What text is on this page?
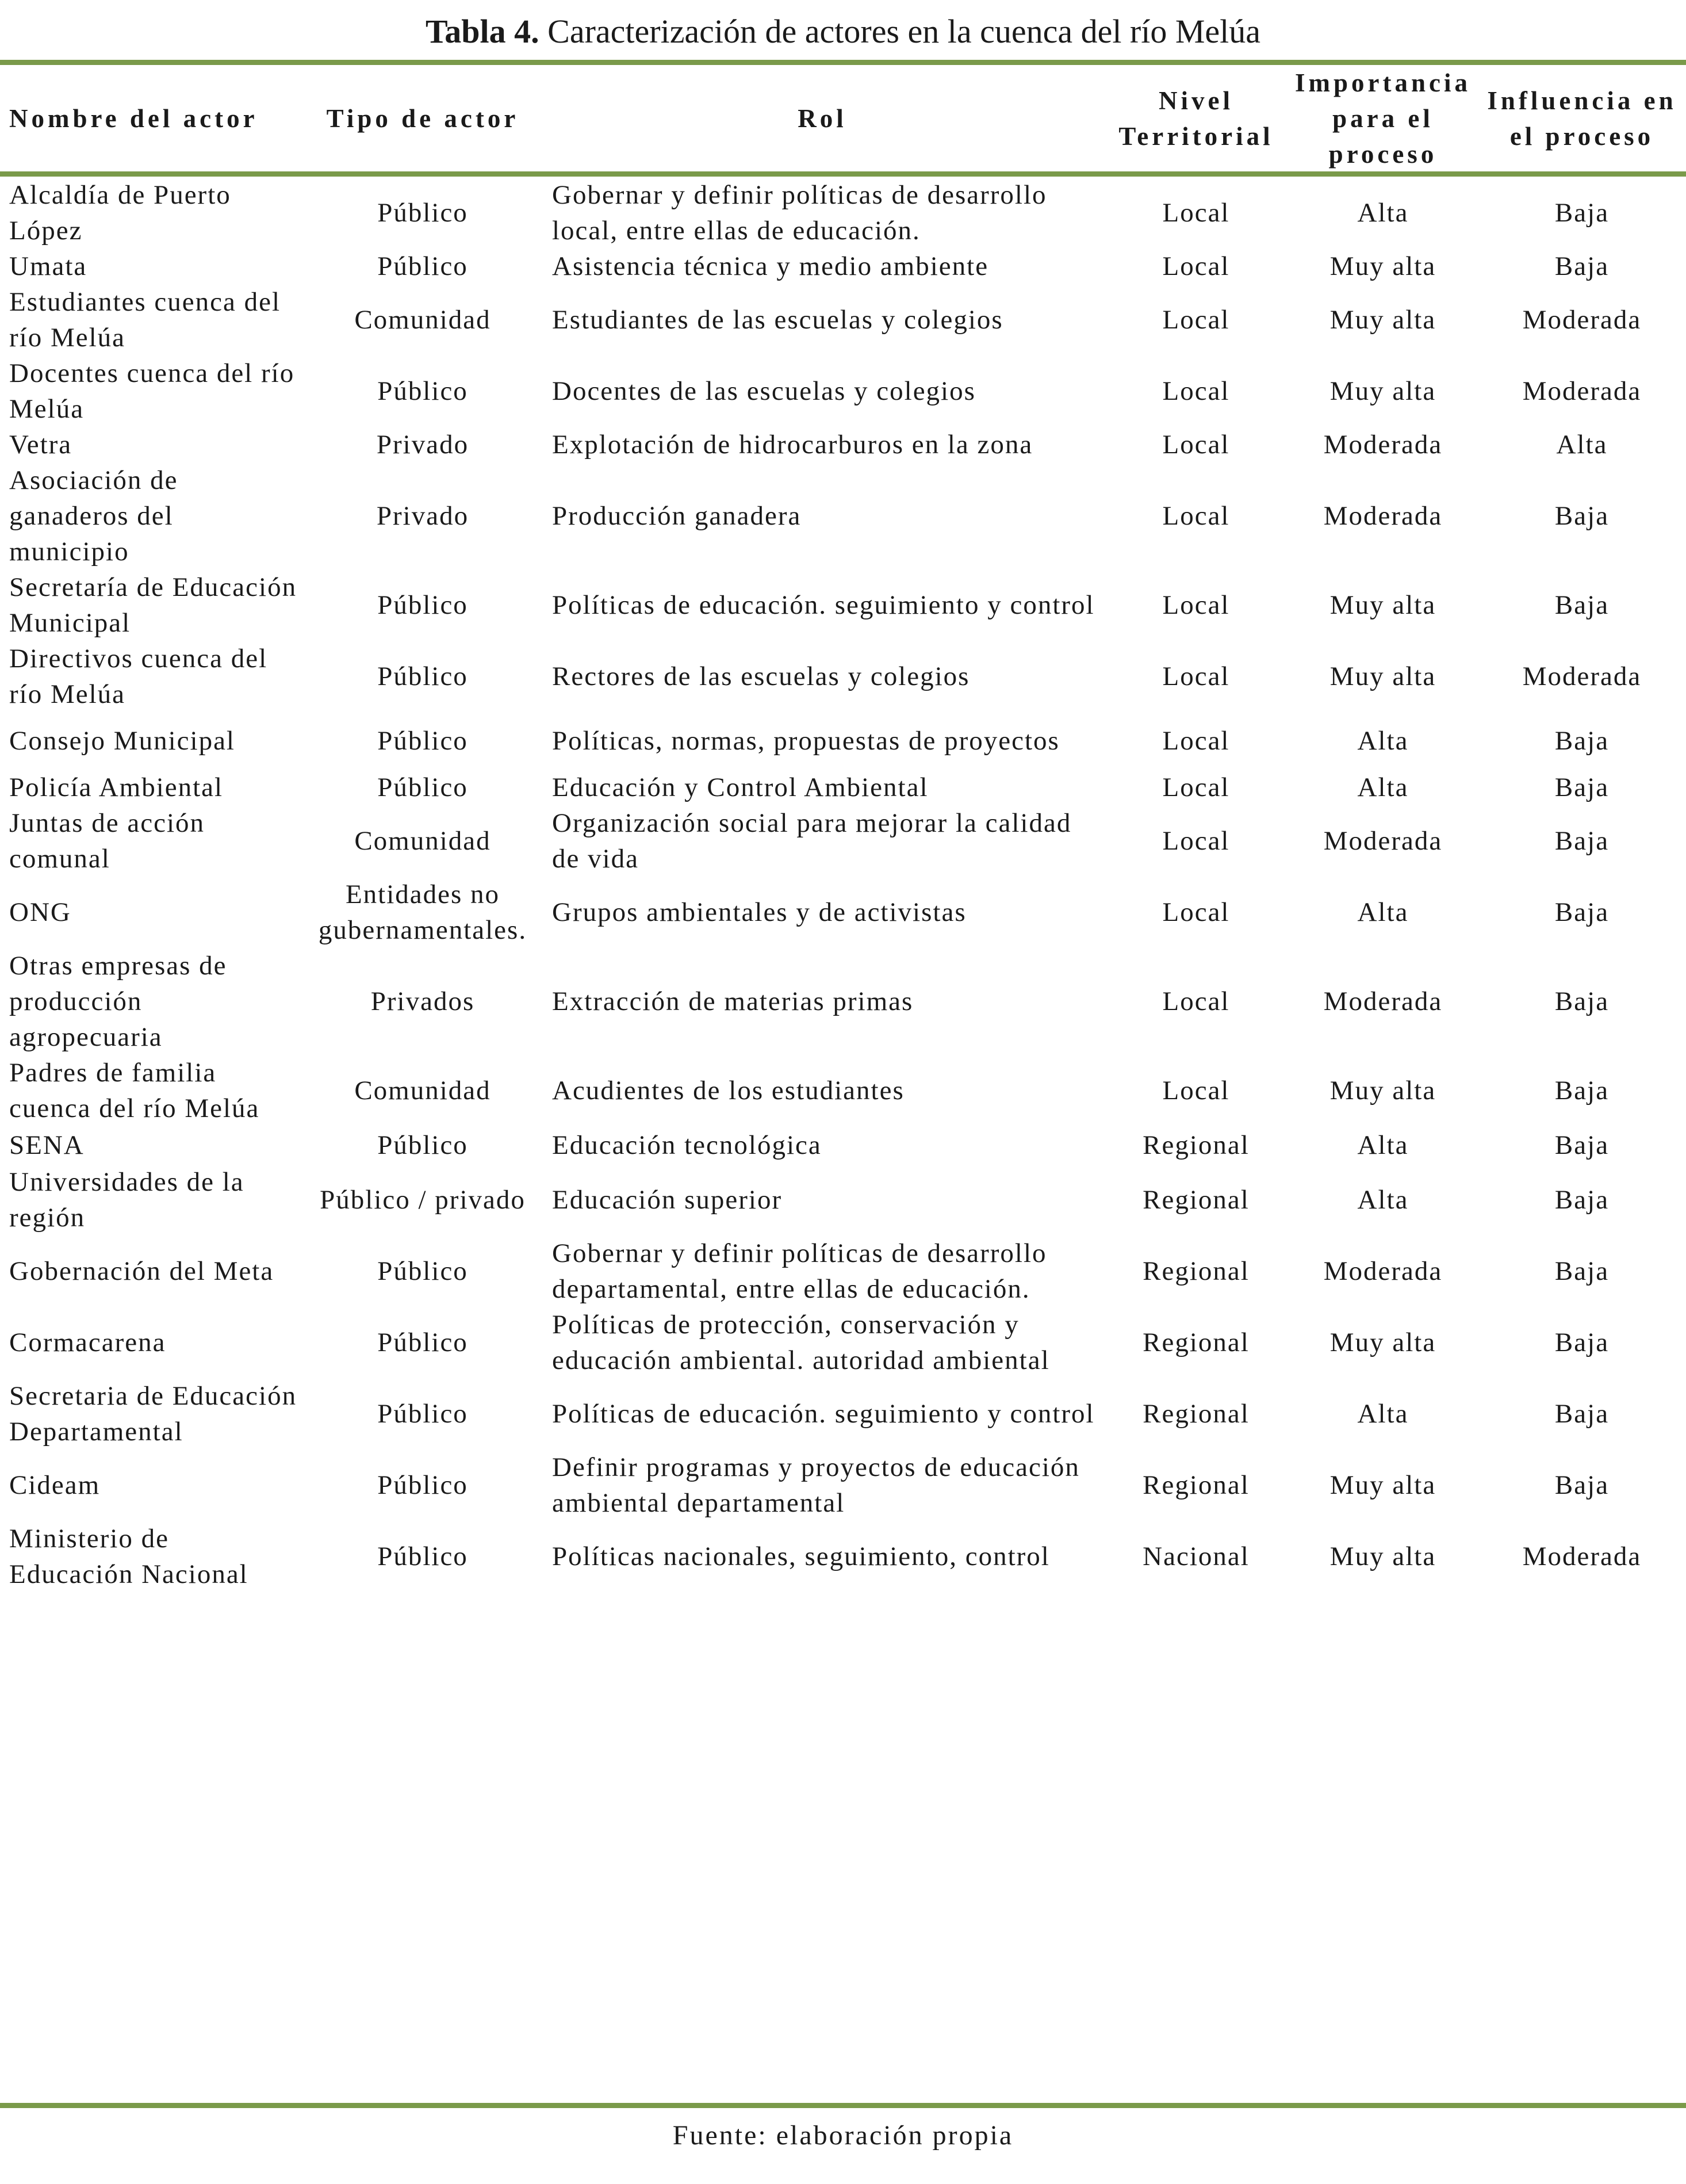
Tabla 4. Caracterización de actores en la cuenca del río Melúa
Nombre del actor	Tipo de actor	Rol	Nivel Territorial	Importancia para el proceso	Influencia en el proceso

Alcaldía de Puerto López	Público	Gobernar y definir políticas de desarrollo local, entre ellas de educación.	Local	Alta	Baja
Umata	Público	Asistencia técnica y medio ambiente	Local	Muy alta	Baja
Estudiantes cuenca del río Melúa	Comunidad	Estudiantes de las escuelas y colegios	Local	Muy alta	Moderada
Docentes cuenca del río Melúa	Público	Docentes de las escuelas y colegios	Local	Muy alta	Moderada
Vetra	Privado	Explotación de hidrocarburos en la zona	Local	Moderada	Alta
Asociación de ganaderos del municipio	Privado	Producción ganadera	Local	Moderada	Baja
Secretaría de Educación Municipal	Público	Políticas de educación. seguimiento y control	Local	Muy alta	Baja
Directivos cuenca del río Melúa	Público	Rectores de las escuelas y colegios	Local	Muy alta	Moderada
Consejo Municipal	Público	Políticas, normas, propuestas de proyectos	Local	Alta	Baja
Policía Ambiental	Público	Educación y Control Ambiental	Local	Alta	Baja
Juntas de acción comunal	Comunidad	Organización social para mejorar la calidad de vida	Local	Moderada	Baja
ONG	Entidades no gubernamentales.	Grupos ambientales y de activistas	Local	Alta	Baja
Otras empresas de producción agropecuaria	Privados	Extracción de materias primas	Local	Moderada	Baja
Padres de familia cuenca del río Melúa	Comunidad	Acudientes de los estudiantes	Local	Muy alta	Baja
SENA	Público	Educación tecnológica	Regional	Alta	Baja
Universidades de la región	Público / privado	Educación superior	Regional	Alta	Baja
Gobernación del Meta	Público	Gobernar y definir políticas de desarrollo departamental, entre ellas de educación.	Regional	Moderada	Baja
Cormacarena	Público	Políticas de protección, conservación y educación ambiental. autoridad ambiental	Regional	Muy alta	Baja
Secretaria de Educación Departamental	Público	Políticas de educación. seguimiento y control	Regional	Alta	Baja
Cideam	Público	Definir programas y proyectos de educación ambiental departamental	Regional	Muy alta	Baja
Ministerio de Educación Nacional	Público	Políticas nacionales, seguimiento, control	Nacional	Muy alta	Moderada
Fuente: elaboración propia
